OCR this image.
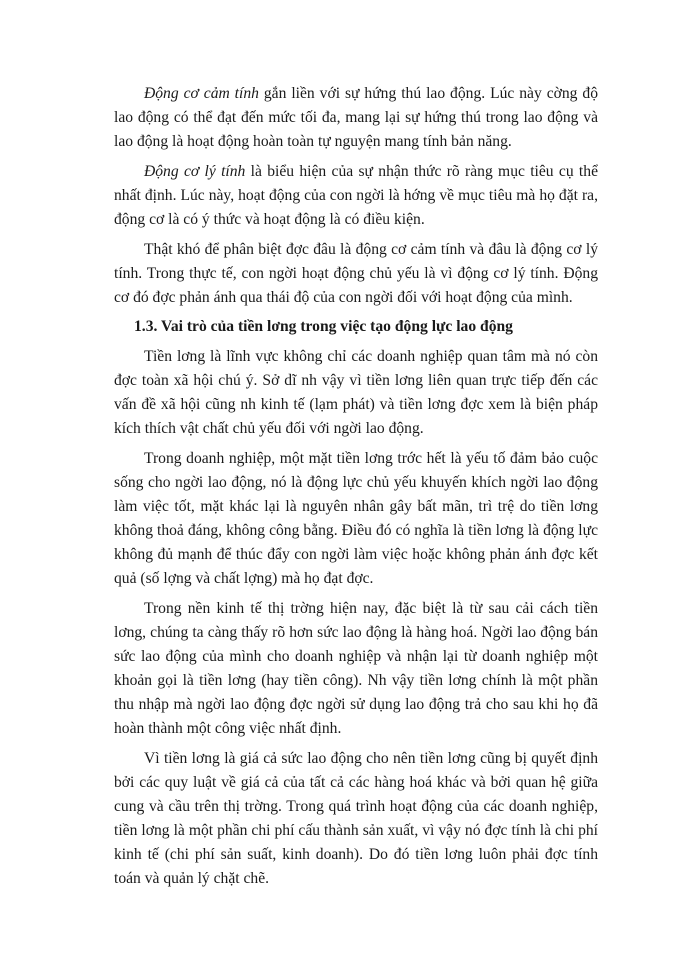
Động cơ cảm tính gắn liền với sự hứng thú lao động. Lúc này cờng độ lao động có thể đạt đến mức tối đa, mang lại sự hứng thú trong lao động và lao động là hoạt động hoàn toàn tự nguyện mang tính bản năng.

Động cơ lý tính là biểu hiện của sự nhận thức rõ ràng mục tiêu cụ thể nhất định. Lúc này, hoạt động của con ngời là hớng về mục tiêu mà họ đặt ra, động cơ là có ý thức và hoạt động là có điều kiện.

Thật khó để phân biệt đợc đâu là động cơ cảm tính và đâu là động cơ lý tính. Trong thực tế, con ngời hoạt động chủ yếu là vì động cơ lý tính. Động cơ đó đợc phản ánh qua thái độ của con ngời đối với hoạt động của mình.

1.3. Vai trò của tiền lơng trong việc tạo động lực lao động

Tiền lơng là lĩnh vực không chỉ các doanh nghiệp quan tâm mà nó còn đợc toàn xã hội chú ý. Sở dĩ nh vậy vì tiền lơng liên quan trực tiếp đến các vấn đề xã hội cũng nh kinh tế (lạm phát) và tiền lơng đợc xem là biện pháp kích thích vật chất chủ yếu đối với ngời lao động.

Trong doanh nghiệp, một mặt tiền lơng trớc hết là yếu tố đảm bảo cuộc sống cho ngời lao động, nó là động lực chủ yếu khuyến khích ngời lao động làm việc tốt, mặt khác lại là nguyên nhân gây bất mãn, trì trệ do tiền lơng không thoả đáng, không công bằng. Điều đó có nghĩa là tiền lơng là động lực không đủ mạnh để thúc đẩy con ngời làm việc hoặc không phản ánh đợc kết quả (số lợng và chất lợng) mà họ đạt đợc.

Trong nền kinh tế thị trờng hiện nay, đặc biệt là từ sau cải cách tiền lơng, chúng ta càng thấy rõ hơn sức lao động là hàng hoá. Ngời lao động bán sức lao động của mình cho doanh nghiệp và nhận lại từ doanh nghiệp một khoản gọi là tiền lơng (hay tiền công). Nh vậy tiền lơng chính là một phần thu nhập mà ngời lao động đợc ngời sử dụng lao động trả cho sau khi họ đã hoàn thành một công việc nhất định.

Vì tiền lơng là giá cả sức lao động cho nên tiền lơng cũng bị quyết định bởi các quy luật về giá cả của tất cả các hàng hoá khác và bởi quan hệ giữa cung và cầu trên thị trờng. Trong quá trình hoạt động của các doanh nghiệp, tiền lơng là một phần chi phí cấu thành sản xuất, vì vậy nó đợc tính là chi phí kinh tế (chi phí sản suất, kinh doanh). Do đó tiền lơng luôn phải đợc tính toán và quản lý chặt chẽ.
